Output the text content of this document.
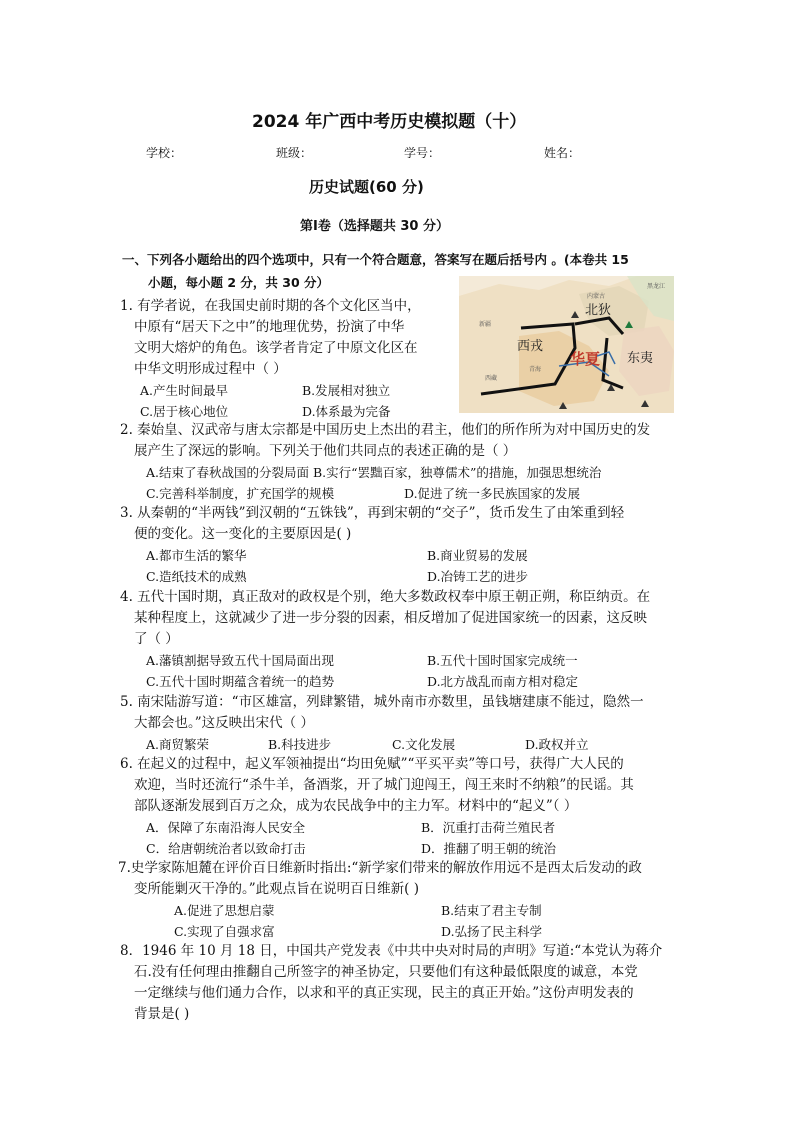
2024 年广西中考历史模拟题（十）
学校：	班级：	学号：	姓名：
历史试题(60 分)
第Ⅰ卷（选择题共 30 分）
一、下列各小题给出的四个选项中，只有一个符合题意，答案写在题后括号内 。(本卷共 15
小题，每小题 2 分，共 30 分）
北狄
西戎
华夏 东夷
新疆
西藏
青海
内蒙古
黑龙江
1. 有学者说，在我国史前时期的各个文化区当中，
中原有“居天下之中”的地理优势，扮演了中华
文明大熔炉的角色。该学者肯定了中原文化区在
中华文明形成过程中（ ）
A.产生时间最早	B.发展相对独立
C.居于核心地位	D.体系最为完备
2. 秦始皇、汉武帝与唐太宗都是中国历史上杰出的君主，他们的所作所为对中国历史的发
展产生了深远的影响。下列关于他们共同点的表述正确的是（ ）
A.结束了春秋战国的分裂局面 B.实行“罢黜百家，独尊儒术”的措施，加强思想统治
C.完善科举制度，扩充国学的规模	D.促进了统一多民族国家的发展
3. 从秦朝的“半两钱”到汉朝的“五铢钱”，再到宋朝的“交子”，货币发生了由笨重到轻
便的变化。这一变化的主要原因是( )
A.都市生活的繁华	B.商业贸易的发展
C.造纸技术的成熟	D.冶铸工艺的进步
4. 五代十国时期，真正敌对的政权是个别，绝大多数政权奉中原王朝正朔，称臣纳贡。在
某种程度上，这就减少了进一步分裂的因素，相反增加了促进国家统一的因素，这反映
了（ ）
A.藩镇割据导致五代十国局面出现	B.五代十国时国家完成统一
C.五代十国时期蕴含着统一的趋势	D.北方战乱而南方相对稳定
5. 南宋陆游写道：“市区雄富，列肆繁错，城外南市亦数里，虽钱塘建康不能过，隐然一
大都会也。”这反映出宋代（ ）
A.商贸繁荣	B.科技进步	C.文化发展	D.政权并立
6. 在起义的过程中，起义军领袖提出“均田免赋”“平买平卖”等口号，获得广大人民的
欢迎，当时还流行“杀牛羊，备酒浆，开了城门迎闯王，闯王来时不纳粮”的民谣。其
部队逐渐发展到百万之众，成为农民战争中的主力军。材料中的“起义”（ ）
A．保障了东南沿海人民安全	B．沉重打击荷兰殖民者
C．给唐朝统治者以致命打击	D．推翻了明王朝的统治
7.史学家陈旭麓在评价百日维新时指出:“新学家们带来的解放作用远不是西太后发动的政
变所能剿灭干净的。”此观点旨在说明百日维新( )
A.促进了思想启蒙	B.结束了君主专制
C.实现了自强求富	D.弘扬了民主科学
8．1946 年 10 月 18 日，中国共产党发表《中共中央对时局的声明》写道:“本党认为蒋介
石.没有任何理由推翻自己所签字的神圣协定，只要他们有这种最低限度的诚意，本党
一定继续与他们通力合作，以求和平的真正实现，民主的真正开始。”这份声明发表的
背景是( )
